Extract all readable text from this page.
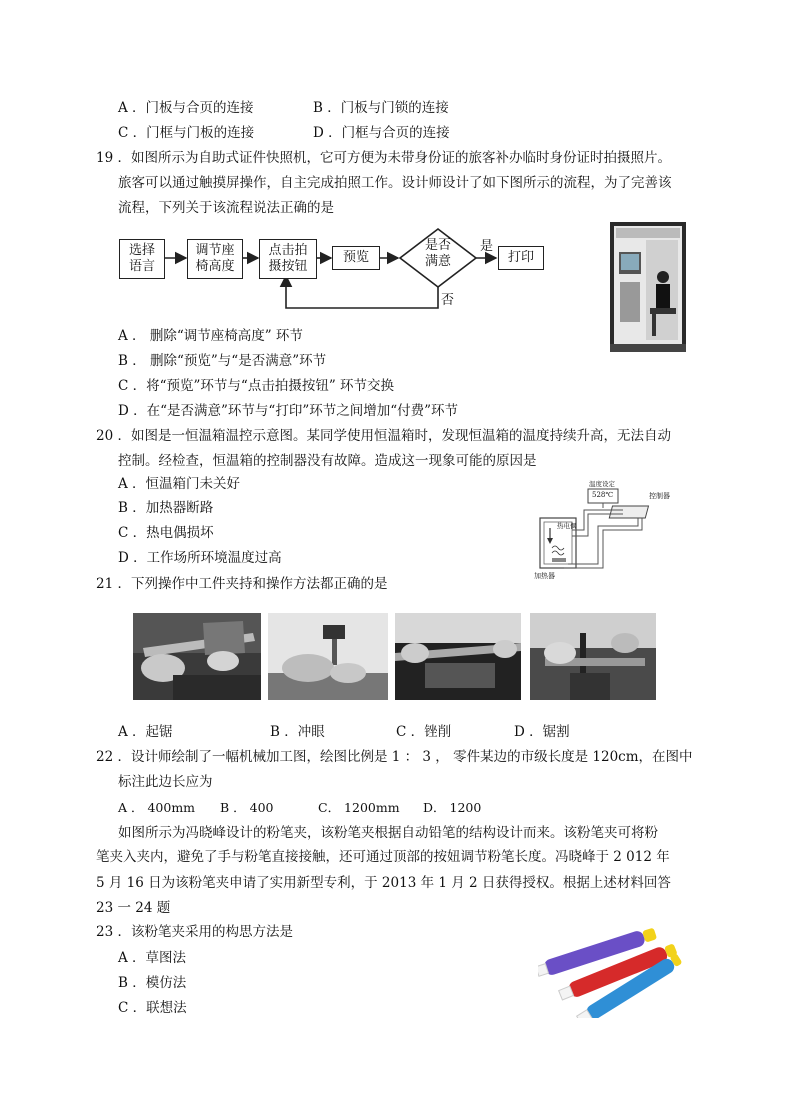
A ．门板与合页的连接	B ．门板与门锁的连接
C ．门框与门板的连接	D ．门框与合页的连接
19 ．如图所示为自助式证件快照机，它可方便为未带身份证的旅客补办临时身份证时拍摄照片。
旅客可以通过触摸屏操作，自主完成拍照工作。设计师设计了如下图所示的流程，为了完善该
流程，下列关于该流程说法正确的是
选择
语言
调节座
椅高度
点击拍
摄按钮
预览
是否
满意
是
否
打印
A ． 删除“调节座椅高度” 环节
B ． 删除“预览”与“是否满意”环节
C ．将“预览”环节与“点击拍摄按钮” 环节交换
D ．在“是否满意”环节与“打印”环节之间增加“付费”环节
20 ．如图是一恒温箱温控示意图。某同学使用恒温箱时，发现恒温箱的温度持续升高，无法自动
控制。经检查，恒温箱的控制器没有故障。造成这一现象可能的原因是
A ．恒温箱门未关好
B ．加热器断路
C ．热电偶损坏
D ．工作场所环境温度过高
温度设定
528℃	控制器
热电偶
加热器
21 ．下列操作中工件夹持和操作方法都正确的是
A ．起锯	B ．冲眼	C ．锉削	D ．锯割
22 ．设计师绘制了一幅机械加工图，绘图比例是 1 ： 3 ， 零件某边的市级长度是 120cm，在图中
标注此边长应为
A ． 400mm B ． 400	C． 1200mm D． 1200
如图所示为冯晓峰设计的粉笔夹，该粉笔夹根据自动铅笔的结构设计而来。该粉笔夹可将粉
笔夹入夹内，避免了手与粉笔直接接触，还可通过顶部的按妞调节粉笔长度。冯晓峰于 2 012 年
5 月 16 日为该粉笔夹申请了实用新型专利，于 2013 年 1 月 2 日获得授权。根据上述材料回答
23 一 24 题
23 ．该粉笔夹采用的构思方法是
A ．草图法
B ．模仿法
C ．联想法
